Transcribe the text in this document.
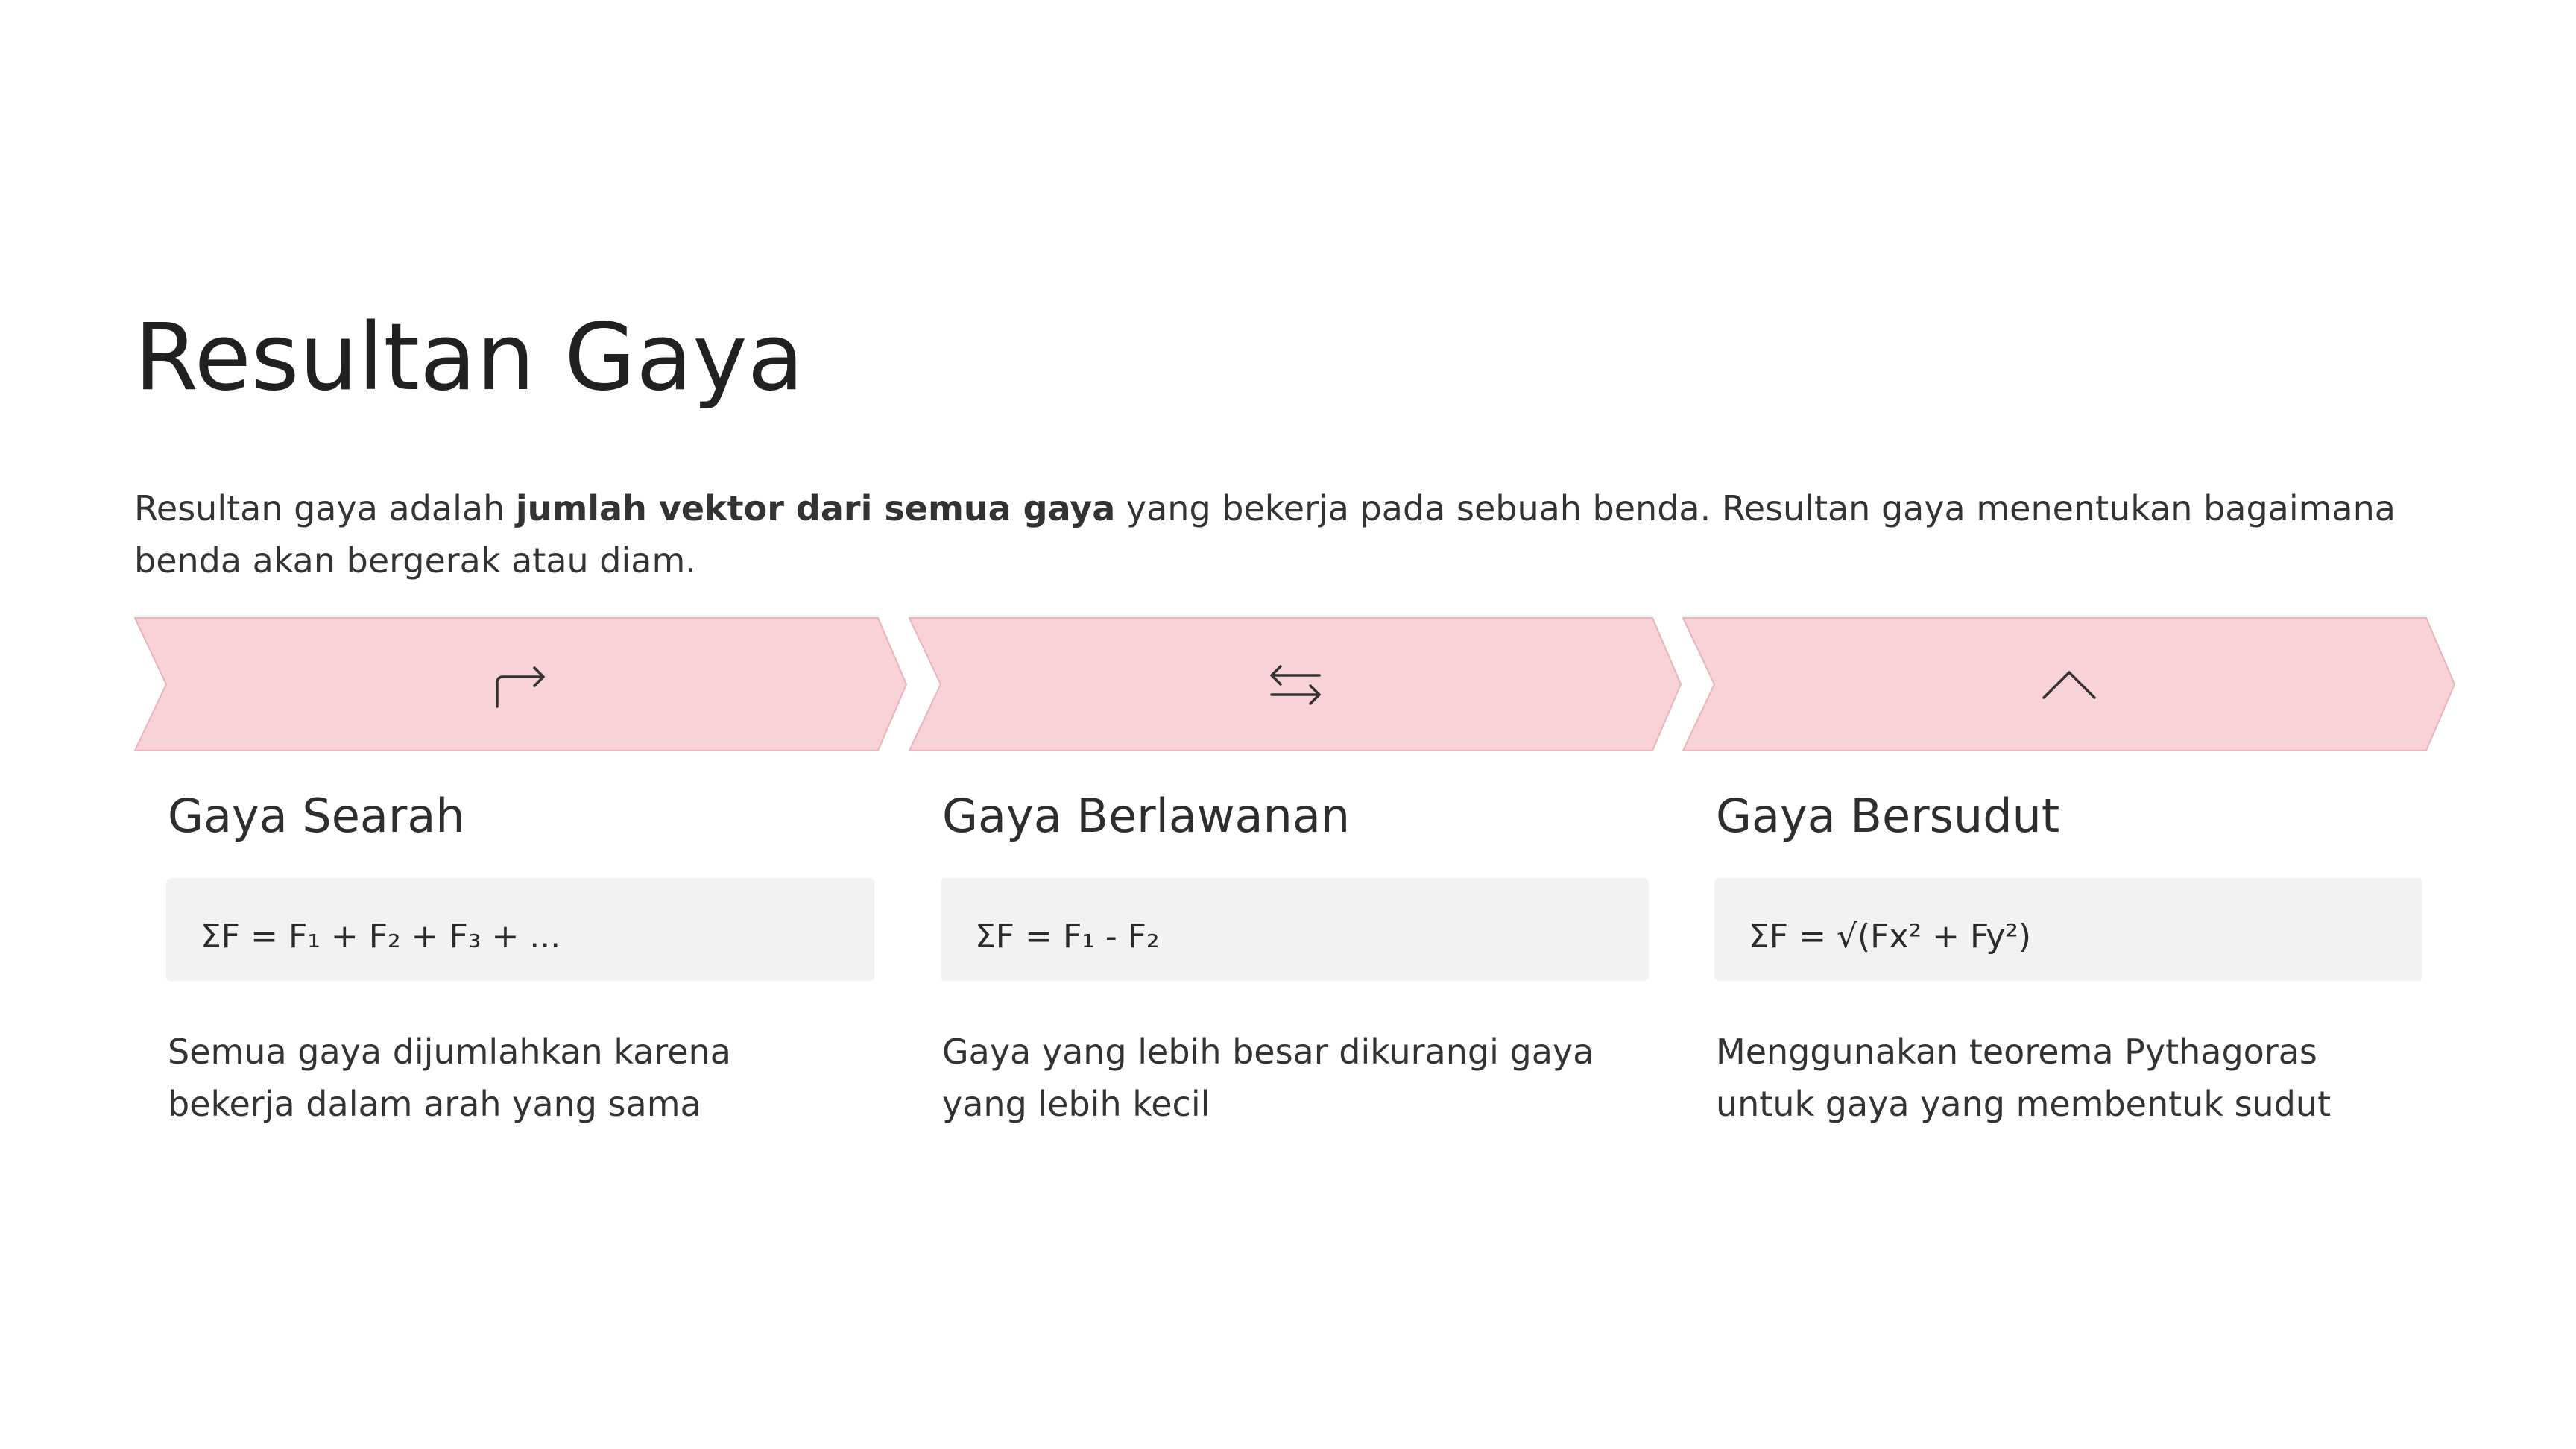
Resultan Gaya

Resultan gaya adalah jumlah vektor dari semua gaya yang bekerja pada sebuah benda. Resultan gaya menentukan bagaimana benda akan bergerak atau diam.

Gaya Searah
ΣF = F₁ + F₂ + F₃ + ...

Semua gaya dijumlahkan karena bekerja dalam arah yang sama

Gaya Berlawanan
ΣF = F₁ - F₂

Gaya yang lebih besar dikurangi gaya yang lebih kecil

Gaya Bersudut
ΣF = √(Fx² + Fy²)

Menggunakan teorema Pythagoras untuk gaya yang membentuk sudut
